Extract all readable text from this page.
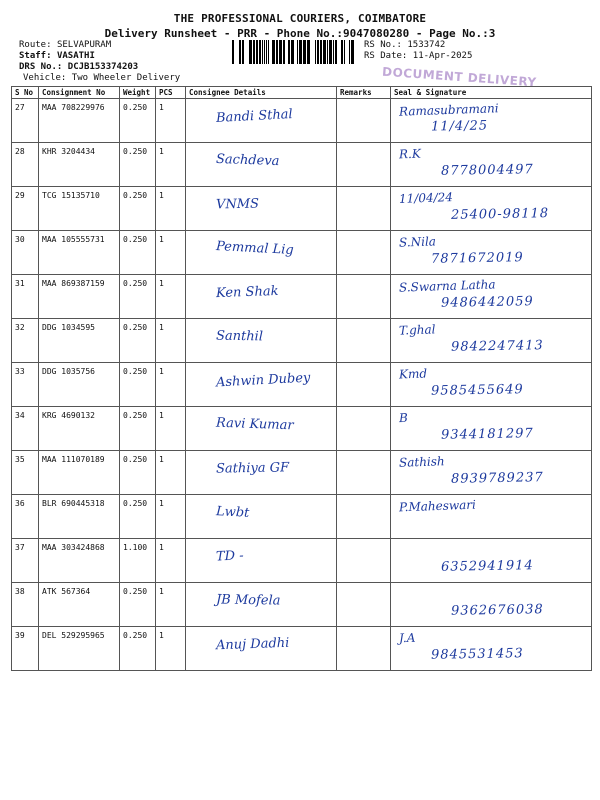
THE PROFESSIONAL COURIERS, COIMBATORE
Delivery Runsheet - PRR - Phone No.:9047080280 - Page No.:3
Route: SELVAPURAM
Staff: VASATHI
DRS No.: DCJB153374203
Vehicle: Two Wheeler Delivery
RS No.: 1533742
RS Date: 11-Apr-2025
DOCUMENT DELIVERY
S No	Consignment No	Weight	PCS	Consignee Details	Remarks	Seal & Signature
27	MAA 708229976	0.250	1	Bandi Sthal		Ramasubramani
11/4/25

28	KHR 3204434	0.250	1	Sachdeva		R.K
8778004497

29	TCG 15135710	0.250	1	VNMS		11/04/24
25400-98118

30	MAA 105555731	0.250	1	Pemmal Lig		S.Nila
7871672019

31	MAA 869387159	0.250	1	Ken Shak		S.Swarna Latha
9486442059

32	DDG 1034595	0.250	1	Santhil		T.ghal
9842247413

33	DDG 1035756	0.250	1	Ashwin Dubey		Kmd
9585455649

34	KRG 4690132	0.250	1	Ravi Kumar		B
9344181297

35	MAA 111070189	0.250	1	Sathiya GF		Sathish
8939789237

36	BLR 690445318	0.250	1	Lwbt		P.Maheswari

37	MAA 303424868	1.100	1	TD -		6352941914

38	ATK 567364	0.250	1	JB Mofela		9362676038

39	DEL 529295965	0.250	1	Anuj Dadhi		J.A
9845531453
